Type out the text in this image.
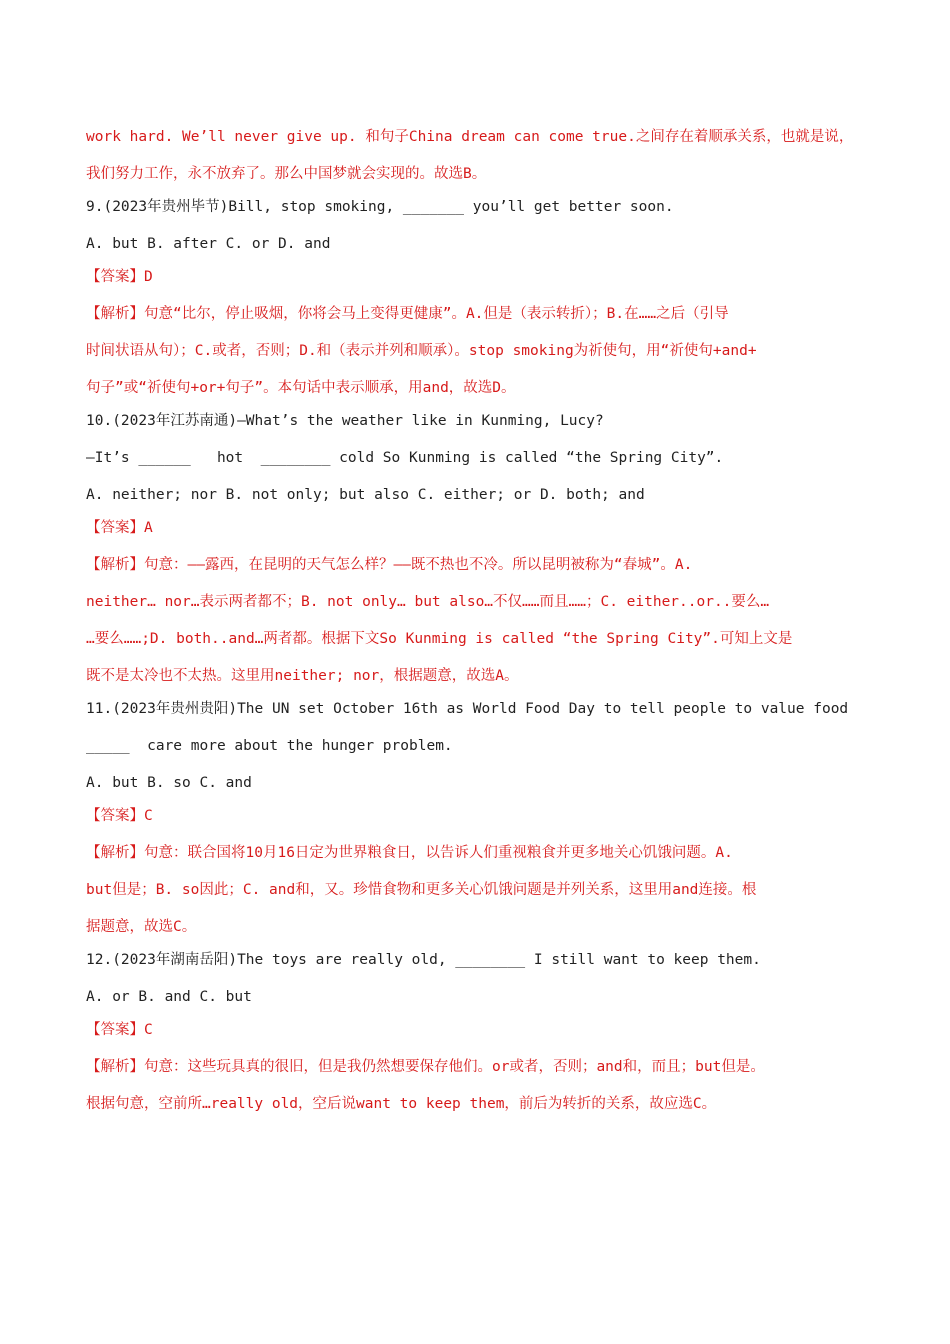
work hard. We’ll never give up. 和句子China dream can come true.之间存在着顺承关系，也就是说，
我们努力工作，永不放弃了。那么中国梦就会实现的。故选B。
9.(2023年贵州毕节)Bill, stop smoking, _______ you’ll get better soon.
A. but B. after C. or D. and
【答案】D
【解析】句意“比尔，停止吸烟，你将会马上变得更健康”。A.但是（表示转折）；B.在……之后（引导
时间状语从句）；C.或者，否则；D.和（表示并列和顺承）。stop smoking为祈使句，用“祈使句+and+
句子”或“祈使句+or+句子”。本句话中表示顺承，用and，故选D。
10.(2023年江苏南通)—What’s the weather like in Kunming, Lucy?
—It’s ______   hot  ________ cold So Kunming is called “the Spring City”.
A. neither; nor B. not only; but also C. either; or D. both; and
【答案】A
【解析】句意：——露西，在昆明的天气怎么样？——既不热也不冷。所以昆明被称为“春城”。A.
neither… nor…表示两者都不；B. not only… but also…不仅……而且……；C. either..or..要么…
…要么……;D. both..and…两者都。根据下文So Kunming is called “the Spring City”.可知上文是
既不是太冷也不太热。这里用neither; nor，根据题意，故选A。
11.(2023年贵州贵阳)The UN set October 16th as World Food Day to tell people to value food
_____  care more about the hunger problem.
A. but B. so C. and
【答案】C
【解析】句意：联合国将10月16日定为世界粮食日，以告诉人们重视粮食并更多地关心饥饿问题。A.
but但是；B. so因此；C. and和，又。珍惜食物和更多关心饥饿问题是并列关系，这里用and连接。根
据题意，故选C。
12.(2023年湖南岳阳)The toys are really old, ________ I still want to keep them.
A. or B. and C. but
【答案】C
【解析】句意：这些玩具真的很旧，但是我仍然想要保存他们。or或者，否则；and和，而且；but但是。
根据句意，空前所…really old，空后说want to keep them，前后为转折的关系，故应选C。
